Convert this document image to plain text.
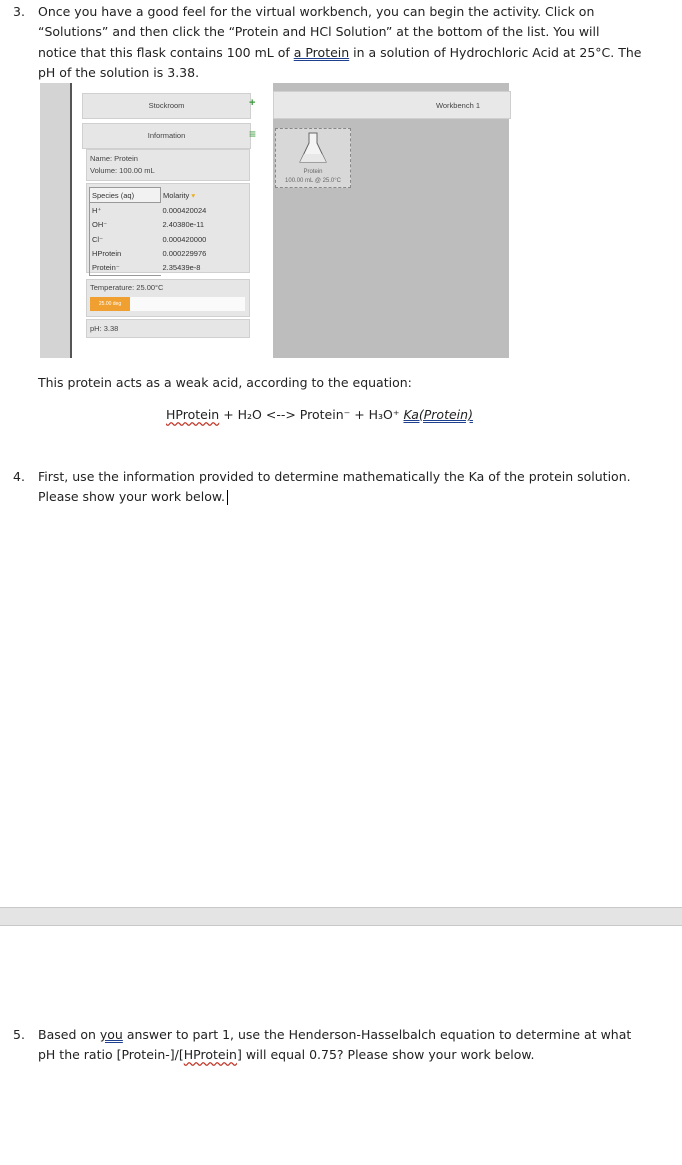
3. Once you have a good feel for the virtual workbench, you can begin the activity. Click on
“Solutions” and then click the “Protein and HCl Solution” at the bottom of the list. You will
notice that this flask contains 100 mL of a Protein in a solution of Hydrochloric Acid at 25°C. The
pH of the solution is 3.38.
Stockroom	+
Information	≡
Name: Protein
Volume: 100.00 mL
Species (aq)	Molarity ▾
H⁺	0.000420024
OH⁻	2.40380e-11
Cl⁻	0.000420000
HProtein	0.000229976
Protein⁻	2.35439e-8
Temperature: 25.00°C
25.00 deg
pH: 3.38
Workbench 1
Protein
100.00 mL @ 25.0°C
This protein acts as a weak acid, according to the equation:
HProtein + H₂O <--> Protein⁻ + H₃O⁺ Ka(Protein)
4. First, use the information provided to determine mathematically the Ka of the protein solution.
Please show your work below.
5. Based on you answer to part 1, use the Henderson-Hasselbalch equation to determine at what
pH the ratio [Protein-]/[HProtein] will equal 0.75? Please show your work below.
